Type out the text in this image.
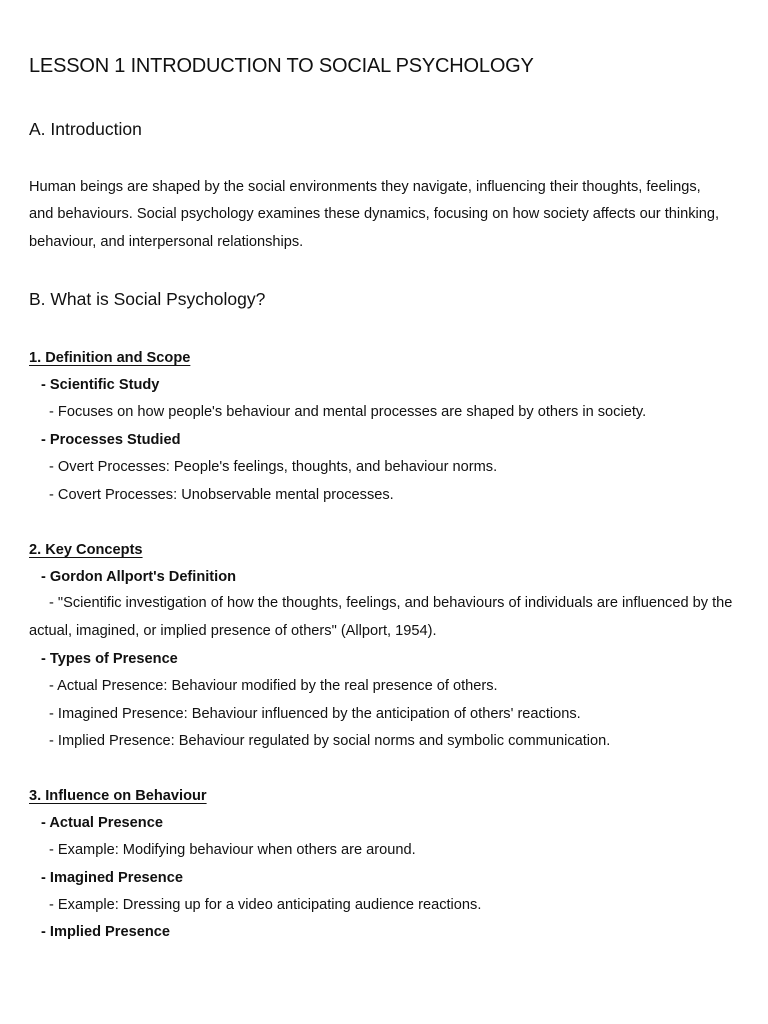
LESSON 1 INTRODUCTION TO SOCIAL PSYCHOLOGY
A. Introduction

Human beings are shaped by the social environments they navigate, influencing their thoughts, feelings, and behaviours. Social psychology examines these dynamics, focusing on how society affects our thinking, behaviour, and interpersonal relationships.

B. What is Social Psychology?

1. Definition and Scope

- Scientific Study

- Focuses on how people's behaviour and mental processes are shaped by others in society.

- Processes Studied

- Overt Processes: People's feelings, thoughts, and behaviour norms.

- Covert Processes: Unobservable mental processes.

2. Key Concepts

- Gordon Allport's Definition

- "Scientific investigation of how the thoughts, feelings, and behaviours of individuals are influenced by the actual, imagined, or implied presence of others" (Allport, 1954).

- Types of Presence

- Actual Presence: Behaviour modified by the real presence of others.

- Imagined Presence: Behaviour influenced by the anticipation of others' reactions.

- Implied Presence: Behaviour regulated by social norms and symbolic communication.

3. Influence on Behaviour

- Actual Presence

- Example: Modifying behaviour when others are around.

- Imagined Presence

- Example: Dressing up for a video anticipating audience reactions.

- Implied Presence
